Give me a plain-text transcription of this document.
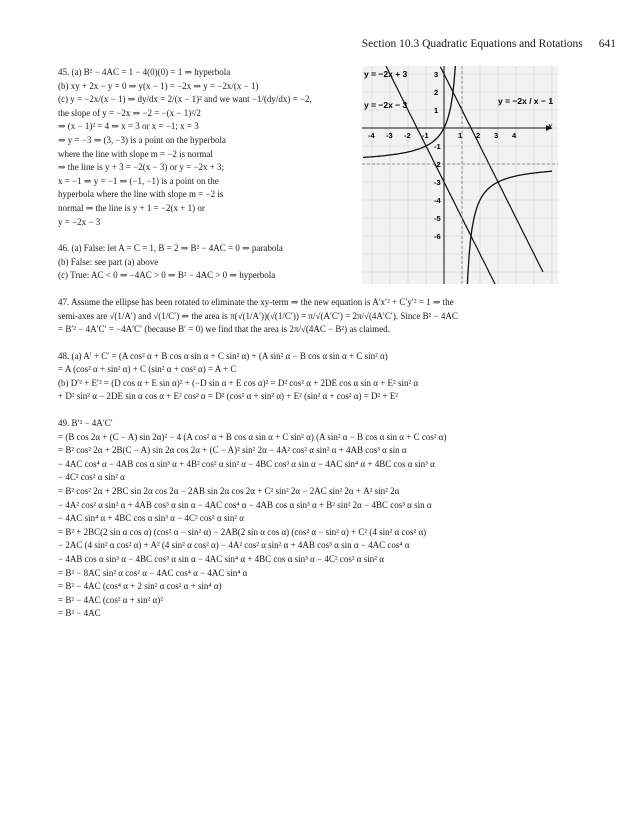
Section 10.3 Quadratic Equations and Rotations 641
-4 -3 -2 -1	1 2 3 4
3
2
1
-1
-2
-3
-4
-5
-6
y = −2x + 3
y = −2x − 3	y = −2x / x − 1
x
45. (a) B² − 4AC = 1 − 4(0)(0) = 1 ⇒ hyperbola
(b) xy + 2x − y = 0 ⇒ y(x − 1) = −2x ⇒ y = −2x/(x − 1)
(c) y = −2x/(x − 1) ⇒ dy/dx = 2/(x − 1)² and we want −1/(dy/dx) = −2,
the slope of y = −2x ⇒ −2 = −(x − 1)²/2
⇒ (x − 1)² = 4 ⇒ x = 3 or x = −1; x = 3
⇒ y = −3 ⇒ (3, −3) is a point on the hyperbola
where the line with slope m = −2 is normal
⇒ the line is y + 3 = −2(x − 3) or y = −2x + 3;
x = −1 ⇒ y = −1 ⇒ (−1, −1) is a point on the
hyperbola where the line with slope m = −2 is
normal ⇒ the line is y + 1 = −2(x + 1) or
y = −2x − 3
46. (a) False: let A = C = 1, B = 2 ⇒ B² − 4AC = 0 ⇒ parabola
(b) False: see part (a) above
(c) True: AC < 0 ⇒ −4AC > 0 ⇒ B² − 4AC > 0 ⇒ hyperbola
47. Assume the ellipse has been rotated to eliminate the xy-term ⇒ the new equation is A′x′² + C′y′² = 1 ⇒ the
semi-axes are √(1/A′) and √(1/C′) ⇒ the area is π(√(1/A′))(√(1/C′)) = π/√(A′C′) = 2π/√(4A′C′). Since B² − 4AC
= B′² − 4A′C′ = −4A′C′ (because B′ = 0) we find that the area is 2π/√(4AC − B²) as claimed.
48. (a) A′ + C′ = (A cos² α + B cos α sin α + C sin² α) + (A sin² α − B cos α sin α + C sin² α)
= A (cos² α + sin² α) + C (sin² α + cos² α) = A + C
(b) D′² + E′² = (D cos α + E sin α)² + (−D sin α + E cos α)² = D² cos² α + 2DE cos α sin α + E² sin² α
+ D² sin² α − 2DE sin α cos α + E² cos² α = D² (cos² α + sin² α) + E² (sin² α + cos² α) = D² + E²
49. B′² − 4A′C′
= (B cos 2α + (C − A) sin 2α)² − 4 (A cos² α + B cos α sin α + C sin² α) (A sin² α − B cos α sin α + C cos² α)
= B² cos² 2α + 2B(C − A) sin 2α cos 2α + (C − A)² sin² 2α − 4A² cos² α sin² α + 4AB cos³ α sin α
− 4AC cos⁴ α − 4AB cos α sin³ α + 4B² cos² α sin² α − 4BC cos³ α sin α − 4AC sin⁴ α + 4BC cos α sin³ α
− 4C² cos² α sin² α
= B² cos² 2α + 2BC sin 2α cos 2α − 2AB sin 2α cos 2α + C² sin² 2α − 2AC sin² 2α + A² sin² 2α
− 4A² cos² α sin² α + 4AB cos³ α sin α − 4AC cos⁴ α − 4AB cos α sin³ α + B² sin² 2α − 4BC cos³ α sin α
− 4AC sin⁴ α + 4BC cos α sin³ α − 4C² cos² α sin² α
= B² + 2BC(2 sin α cos α) (cos² α − sin² α) − 2AB(2 sin α cos α) (cos² α − sin² α) + C² (4 sin² α cos² α)
− 2AC (4 sin² α cos² α) + A² (4 sin² α cos² α) − 4A² cos² α sin² α + 4AB cos³ α sin α − 4AC cos⁴ α
− 4AB cos α sin³ α − 4BC cos³ α sin α − 4AC sin⁴ α + 4BC cos α sin³ α − 4C² cos² α sin² α
= B² − 8AC sin² α cos² α − 4AC cos⁴ α − 4AC sin⁴ α
= B² − 4AC (cos⁴ α + 2 sin² α cos² α + sin⁴ α)
= B² − 4AC (cos² α + sin² α)²
= B² − 4AC
